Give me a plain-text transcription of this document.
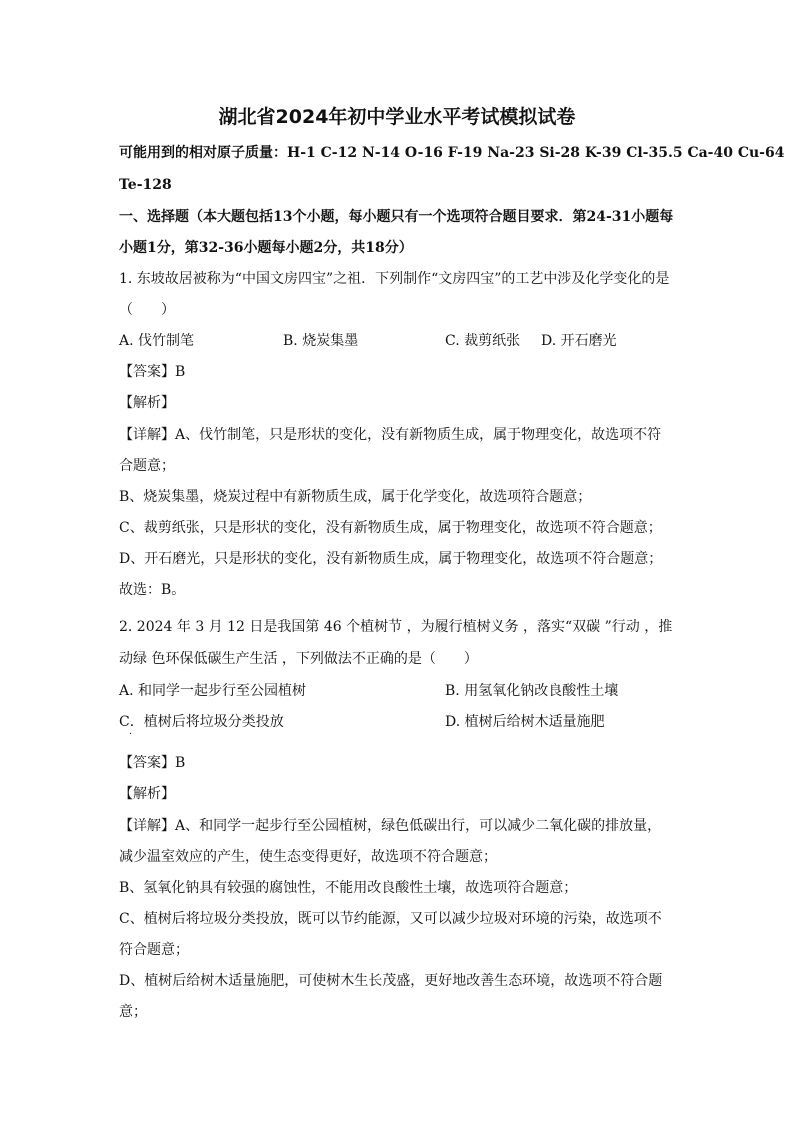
湖北省2024年初中学业水平考试模拟试卷
可能用到的相对原子质量：H-1 C-12 N-14 O-16 F-19 Na-23 Si-28 K-39 Cl-35.5 Ca-40 Cu-64
Te-128
一、选择题（本大题包括13个小题，每小题只有一个选项符合题目要求．第24-31小题每
小题1分，第32-36小题每小题2分，共18分）
1. 东坡故居被称为“中国文房四宝”之祖．下列制作“文房四宝”的工艺中涉及化学变化的是
（　　）
A. 伐竹制笔	B. 烧炭集墨	C. 裁剪纸张 D. 开石磨光
【答案】B
【解析】
【详解】A、伐竹制笔，只是形状的变化，没有新物质生成，属于物理变化，故选项不符
合题意；
B、烧炭集墨，烧炭过程中有新物质生成，属于化学变化，故选项符合题意；
C、裁剪纸张，只是形状的变化，没有新物质生成，属于物理变化，故选项不符合题意；
D、开石磨光，只是形状的变化，没有新物质生成，属于物理变化，故选项不符合题意；
故选：B。
2. 2024 年 3 月 12 日是我国第 46 个植树节 ，为履行植树义务 ，落实“双碳 ”行动 ，推
动绿 色环保低碳生产生活 ，下列做法不正确的是（　　）
A. 和同学一起步行至公园植树	B. 用氢氧化钠改良酸性土壤
C．植树后将垃圾分类投放	D. 植树后给树木适量施肥
·
【答案】B
【解析】
【详解】A、和同学一起步行至公园植树，绿色低碳出行，可以减少二氧化碳的排放量，
减少温室效应的产生，使生态变得更好，故选项不符合题意；
B、氢氧化钠具有较强的腐蚀性，不能用改良酸性土壤，故选项符合题意；
C、植树后将垃圾分类投放，既可以节约能源，又可以减少垃圾对环境的污染，故选项不
符合题意；
D、植树后给树木适量施肥，可使树木生长茂盛，更好地改善生态环境，故选项不符合题
意；
